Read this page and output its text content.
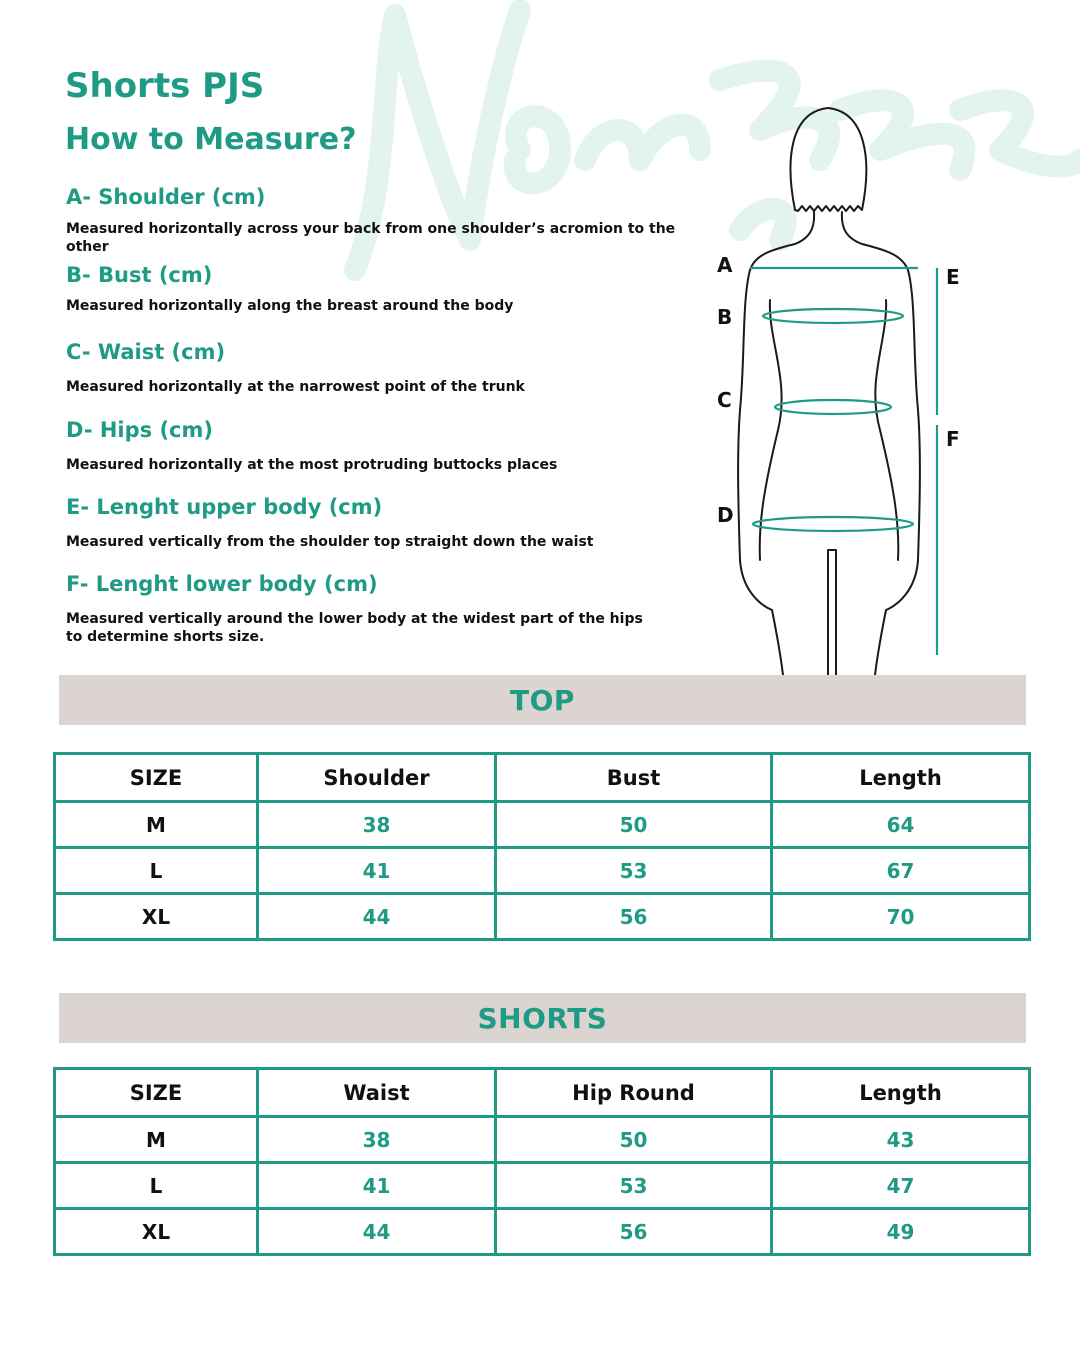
Shorts PJS
How to Measure?

A- Shoulder (cm)

Measured horizontally across your back from one shoulder’s acromion to the other

B- Bust (cm)

Measured horizontally along the breast around the body

C- Waist (cm)

Measured horizontally at the narrowest point of the trunk

D- Hips (cm)

Measured horizontally at the most protruding buttocks places

E- Lenght upper body (cm)

Measured vertically from the shoulder top straight down the waist

F- Lenght lower body (cm)

Measured vertically around the lower body at the widest part of the hips
to determine shorts size.

A
B
C
D
E
F
TOP
SIZE	Shoulder	Bust	Length
M	38	50	64
L	41	53	67
XL	44	56	70
SHORTS
SIZE	Waist	Hip Round	Length
M	38	50	43
L	41	53	47
XL	44	56	49
